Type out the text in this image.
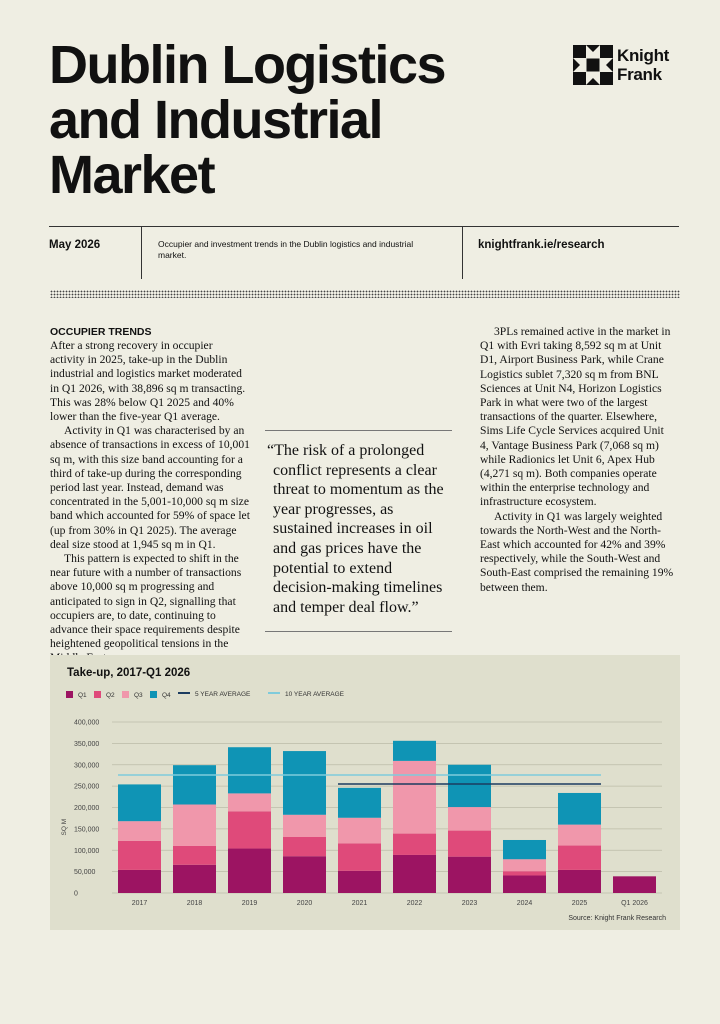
Dublin Logistics
and Industrial
Market
Knight
Frank
May 2026	Occupier and investment trends in the Dublin logistics and industrial market.
knightfrank.ie/research

OCCUPIER TRENDS

After a strong recovery in occupier activity in 2025, take-up in the Dublin industrial and logistics market moderated in Q1 2026, with 38,896 sq m transacting. This was 28% below Q1 2025 and 40% lower than the five-year Q1 average.

Activity in Q1 was characterised by an absence of transactions in excess of 10,001 sq m, with this size band accounting for a third of take-up during the corresponding period last year. Instead, demand was concentrated in the 5,001-10,000 sq m size band which accounted for 59% of space let (up from 30% in Q1 2025). The average deal size stood at 1,945 sq m in Q1.

This pattern is expected to shift in the near future with a number of transactions above 10,000 sq m progressing and anticipated to sign in Q2, signalling that occupiers are, to date, continuing to advance their space requirements despite heightened geopolitical tensions in the

“The risk of a prolonged conflict represents a clear threat to momentum as the year progresses, as sustained increases in oil and gas prices have the potential to extend decision-making timelines and temper deal flow.”

3PLs remained active in the market in Q1 with Evri taking 8,592 sq m at Unit D1, Airport Business Park, while Crane Logistics sublet 7,320 sq m from BNL Sciences at Unit N4, Horizon Logistics Park in what were two of the largest transactions of the quarter. Elsewhere, Sims Life Cycle Services acquired Unit 4, Vantage Business Park (7,068 sq m) while Radionics let Unit 6, Apex Hub (4,271 sq m). Both companies operate within the enterprise technology and infrastructure ecosystem.

Activity in Q1 was largely weighted towards the North-West and the North-East which accounted for 42% and 39% respectively, while the South-West and South-East comprised the remaining 19% between them.

Take-up, 2017-Q1 2026
Q1	Q2	Q3	Q4	5 YEAR AVERAGE	10 YEAR AVERAGE
0
50,000
100,000
150,000
200,000
250,000
300,000
350,000
400,000
SQ M
2017	2018	2019	2020	2021	2022	2023	2024	2025	Q1 2026
Source: Knight Frank Research
